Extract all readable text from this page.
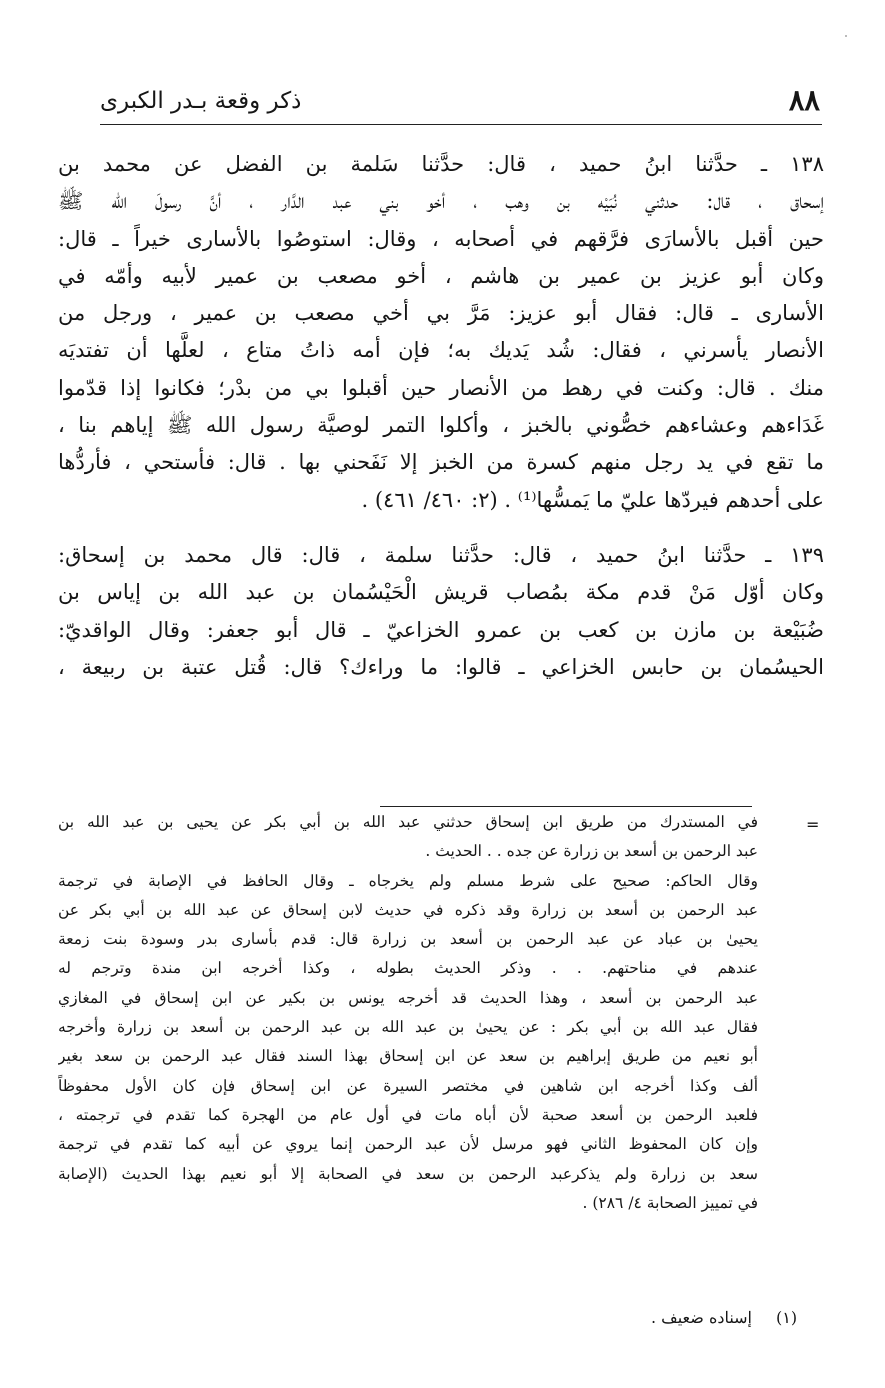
٨٨
ذكر وقعة بـدر الكبرى
١٣٨ ـ حدَّثنا ابنُ حميد ، قال: حدَّثنا سَلمة بن الفضل عن محمد بن
إسحاق ، قال: حدثني نُبَيْه بن وهب ، أخو بني عبد الدَّار ، أنَّ رسولَ الله ﷺ
حين أقبل بالأسارَى فرَّقهم في أصحابه ، وقال: استوصُوا بالأسارى خيراً ـ قال:
وكان أبو عزيز بن عمير بن هاشم ، أخو مصعب بن عمير لأبيه وأمّه في
الأسارى ـ قال: فقال أبو عزيز: مَرَّ بي أخي مصعب بن عمير ، ورجل من
الأنصار يأسرني ، فقال: شُد يَديك به؛ فإن أمه ذاتُ متاع ، لعلَّها أن تفتديَه
منك . قال: وكنت في رهط من الأنصار حين أقبلوا بي من بدْر؛ فكانوا إذا قدّموا
غَدَاءهم وعشاءهم خصُّوني بالخبز ، وأكلوا التمر لوصيَّة رسول الله ﷺ إياهم بنا ،
ما تقع في يد رجل منهم كسرة من الخبز إلا نَفَحني بها . قال: فأستحي ، فأردُّها
على أحدهم فيردّها عليّ ما يَمسُّها⁽¹⁾ . (٢: ٤٦٠/ ٤٦١) .
١٣٩ ـ حدَّثنا ابنُ حميد ، قال: حدَّثنا سلمة ، قال: قال محمد بن إسحاق:
وكان أوّل مَنْ قدم مكة بمُصاب قريش الْحَيْسُمان بن عبد الله بن إياس بن
ضُبَيْعة بن مازن بن كعب بن عمرو الخزاعيّ ـ قال أبو جعفر: وقال الواقديّ:
الحيسُمان بن حابس الخزاعي ـ قالوا: ما وراءك؟ قال: قُتل عتبة بن ربيعة ،
=
في المستدرك من طريق ابن إسحاق حدثني عبد الله بن أبي بكر عن يحيى بن عبد الله بن
عبد الرحمن بن أسعد بن زرارة عن جده . . الحديث .
وقال الحاكم: صحيح على شرط مسلم ولم يخرجاه ـ وقال الحافظ في الإصابة في ترجمة
عبد الرحمن بن أسعد بن زرارة وقد ذكره في حديث لابن إسحاق عن عبد الله بن أبي بكر عن
يحيىٰ بن عباد عن عبد الرحمن بن أسعد بن زرارة قال: قدم بأسارى بدر وسودة بنت زمعة
عندهم في مناحتهم. . . وذكر الحديث بطوله ، وكذا أخرجه ابن مندة وترجم له
عبد الرحمن بن أسعد ، وهذا الحديث قد أخرجه يونس بن بكير عن ابن إسحاق في المغازي
فقال عبد الله بن أبي بكر : عن يحيىٰ بن عبد الله بن عبد الرحمن بن أسعد بن زرارة وأخرجه
أبو نعيم من طريق إبراهيم بن سعد عن ابن إسحاق بهذا السند فقال عبد الرحمن بن سعد بغير
ألف وكذا أخرجه ابن شاهين في مختصر السيرة عن ابن إسحاق فإن كان الأول محفوظاً
فلعبد الرحمن بن أسعد صحبة لأن أباه مات في أول عام من الهجرة كما تقدم في ترجمته ،
وإن كان المحفوظ الثاني فهو مرسل لأن عبد الرحمن إنما يروي عن أبيه كما تقدم في ترجمة
سعد بن زرارة ولم يذكرعبد الرحمن بن سعد في الصحابة إلا أبو نعيم بهذا الحديث (الإصابة
في تمييز الصحابة ٤/ ٢٨٦) .
(١)
إسناده ضعيف .
